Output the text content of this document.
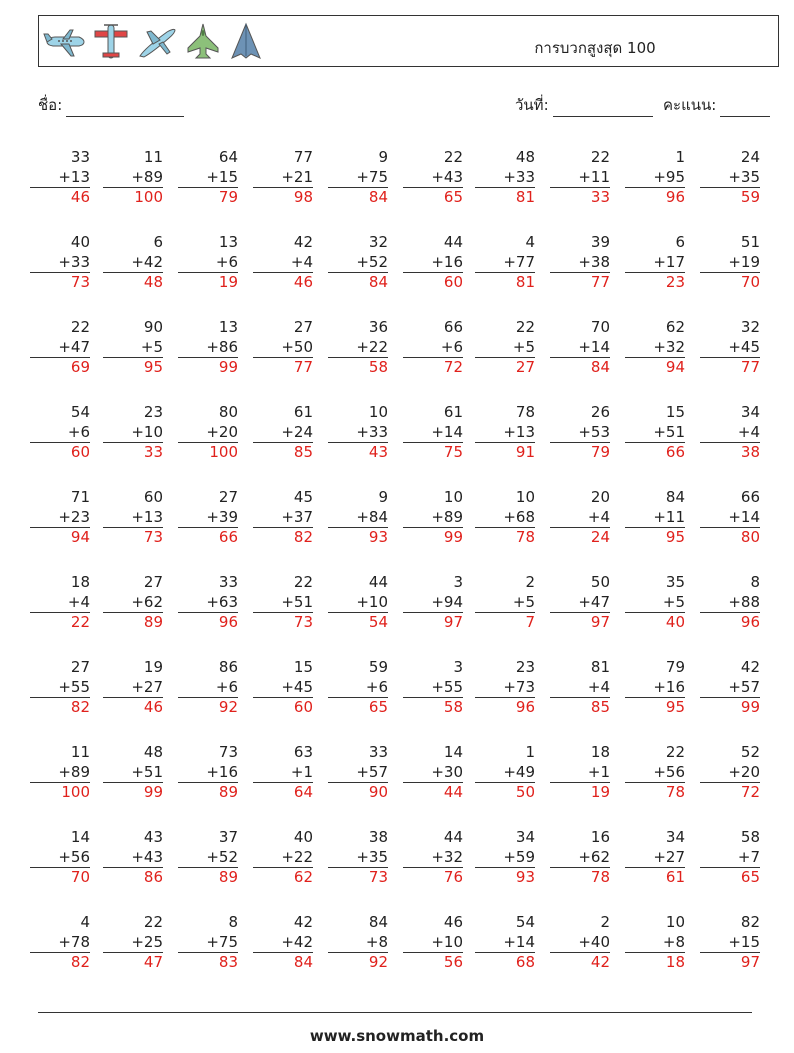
การบวกสูงสุด 100
ชื่อ:	วันที่:	คะแนน:
33
+13
46
11
+89
100
64
+15
79
77
+21
98
9
+75
84
22
+43
65
48
+33
81
22
+11
33
1
+95
96
24
+35
59
40
+33
73
6
+42
48
13
+6
19
42
+4
46
32
+52
84
44
+16
60
4
+77
81
39
+38
77
6
+17
23
51
+19
70
22
+47
69
90
+5
95
13
+86
99
27
+50
77
36
+22
58
66
+6
72
22
+5
27
70
+14
84
62
+32
94
32
+45
77
54
+6
60
23
+10
33
80
+20
100
61
+24
85
10
+33
43
61
+14
75
78
+13
91
26
+53
79
15
+51
66
34
+4
38
71
+23
94
60
+13
73
27
+39
66
45
+37
82
9
+84
93
10
+89
99
10
+68
78
20
+4
24
84
+11
95
66
+14
80
18
+4
22
27
+62
89
33
+63
96
22
+51
73
44
+10
54
3
+94
97
2
+5
7
50
+47
97
35
+5
40
8
+88
96
27
+55
82
19
+27
46
86
+6
92
15
+45
60
59
+6
65
3
+55
58
23
+73
96
81
+4
85
79
+16
95
42
+57
99
11
+89
100
48
+51
99
73
+16
89
63
+1
64
33
+57
90
14
+30
44
1
+49
50
18
+1
19
22
+56
78
52
+20
72
14
+56
70
43
+43
86
37
+52
89
40
+22
62
38
+35
73
44
+32
76
34
+59
93
16
+62
78
34
+27
61
58
+7
65
4
+78
82
22
+25
47
8
+75
83
42
+42
84
84
+8
92
46
+10
56
54
+14
68
2
+40
42
10
+8
18
82
+15
97
www.snowmath.com
